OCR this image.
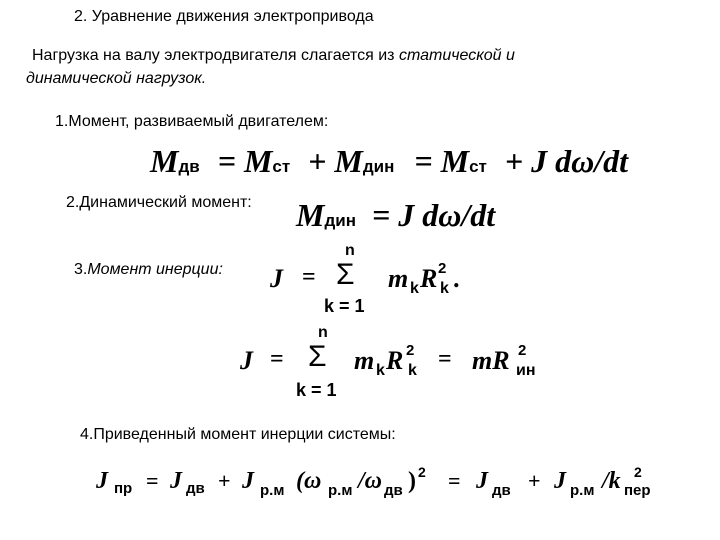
2. Уравнение движения электропривода
Нагрузка на валу электродвигателя слагается из статической и
динамической нагрузок.
1.Момент, развиваемый двигателем:
Mдв = Mст + Mдин = Mст + J dω/dt
2.Динамический момент: Mдин = J dω/dt
3.Момент инерции: J =
n
Σ
k = 1
m k R 2
k .
J =
n
Σ
k = 1
m k R 2
k = mR 2
ин
4.Приведенный момент инерции системы:
J пр = J дв + J р.м (ω р.м /ω дв ) 2 = J дв + J р.м /k 2
пер
